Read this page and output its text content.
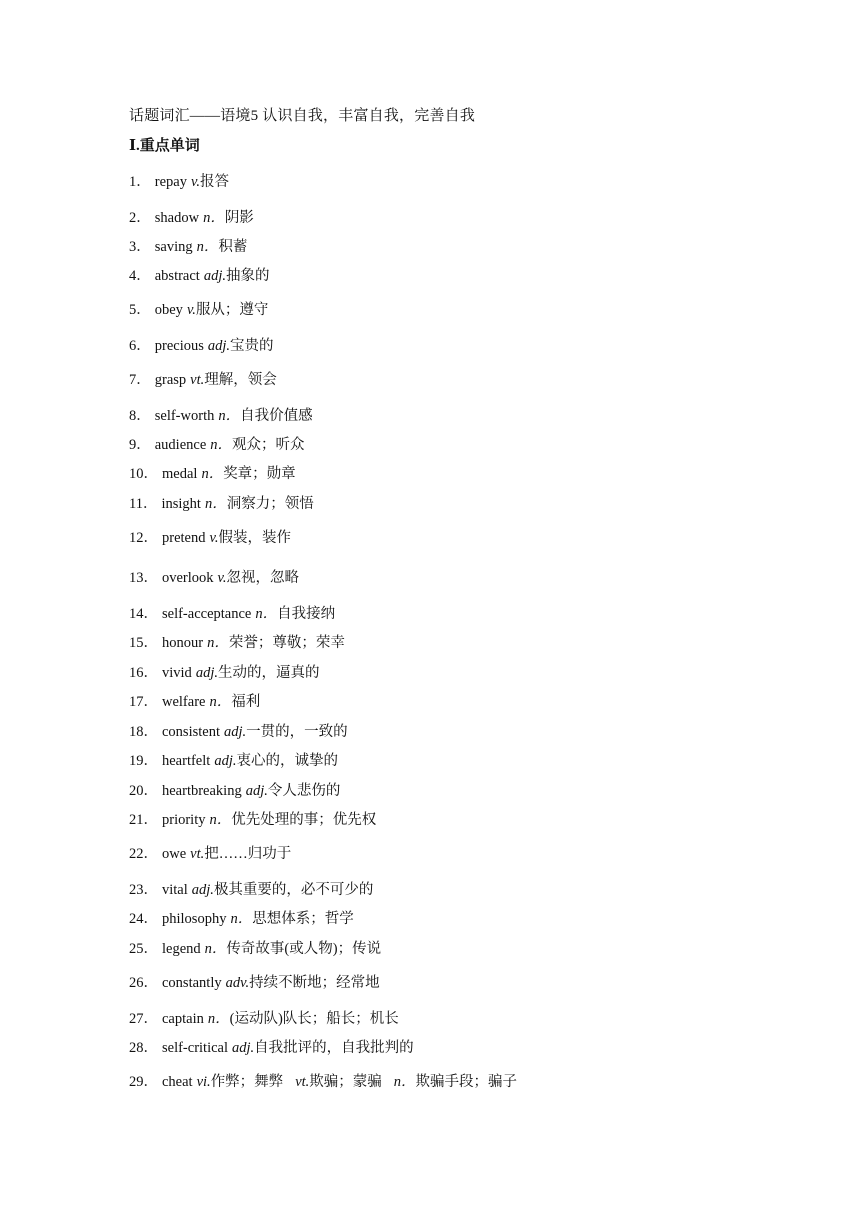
话题词汇——语境5 认识自我，丰富自我，完善自我
Ⅰ.重点单词
1． repay v.报答
2． shadow n．阴影
3． saving n．积蓄
4． abstract adj.抽象的
5． obey v.服从；遵守
6． precious adj.宝贵的
7． grasp vt.理解，领会
8． self-worth n．自我价值感
9． audience n．观众；听众
10． medal n．奖章；勋章
11． insight n．洞察力；领悟
12． pretend v.假装，装作
13． overlook v.忽视，忽略
14． self-acceptance n．自我接纳
15． honour n．荣誉；尊敬；荣幸
16． vivid adj.生动的，逼真的
17． welfare n．福利
18． consistent adj.一贯的，一致的
19． heartfelt adj.衷心的，诚挚的
20． heartbreaking adj.令人悲伤的
21． priority n．优先处理的事；优先权
22． owe vt.把……归功于
23． vital adj.极其重要的，必不可少的
24． philosophy n．思想体系；哲学
25． legend n．传奇故事(或人物)；传说
26． constantly adv.持续不断地；经常地
27． captain n．(运动队)队长；船长；机长
28． self-critical adj.自我批评的，自我批判的
29． cheat vi.作弊；舞弊 vt.欺骗；蒙骗 n．欺骗手段；骗子
